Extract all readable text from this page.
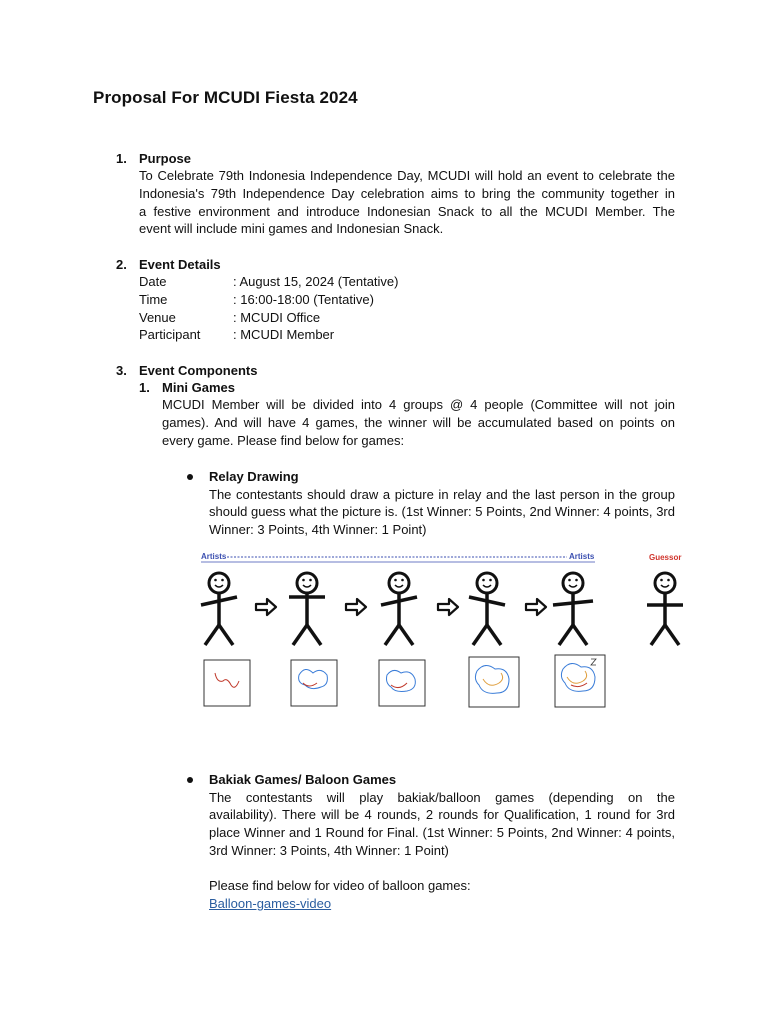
Proposal For MCUDI Fiesta 2024
1. Purpose
To Celebrate 79th Indonesia Independence Day, MCUDI will hold an event to celebrate the
Indonesia's 79th Independence Day celebration aims to bring the community together in
a festive environment and introduce Indonesian Snack to all the MCUDI Member. The
event will include mini games and Indonesian Snack.
2. Event Details
Date	: August 15, 2024 (Tentative)
Time	: 16:00-18:00 (Tentative)
Venue	: MCUDI Office
Participant	: MCUDI Member
3. Event Components
1. Mini Games
MCUDI Member will be divided into 4 groups @ 4 people (Committee will not join
games). And will have 4 games, the winner will be accumulated based on points on
every game. Please find below for games:
Relay Drawing
The contestants should draw a picture in relay and the last person in the group
should guess what the picture is. (1st Winner: 5 Points, 2nd Winner: 4 points, 3rd
Winner: 3 Points, 4th Winner: 1 Point)
Artists	Artists	Guessor
Bakiak Games/ Baloon Games
The contestants will play bakiak/balloon games (depending on the
availability). There will be 4 rounds, 2 rounds for Qualification, 1 round for 3rd
place Winner and 1 Round for Final. (1st Winner: 5 Points, 2nd Winner: 4 points,
3rd Winner: 3 Points, 4th Winner: 1 Point)
Please find below for video of balloon games:
Balloon-games-video
